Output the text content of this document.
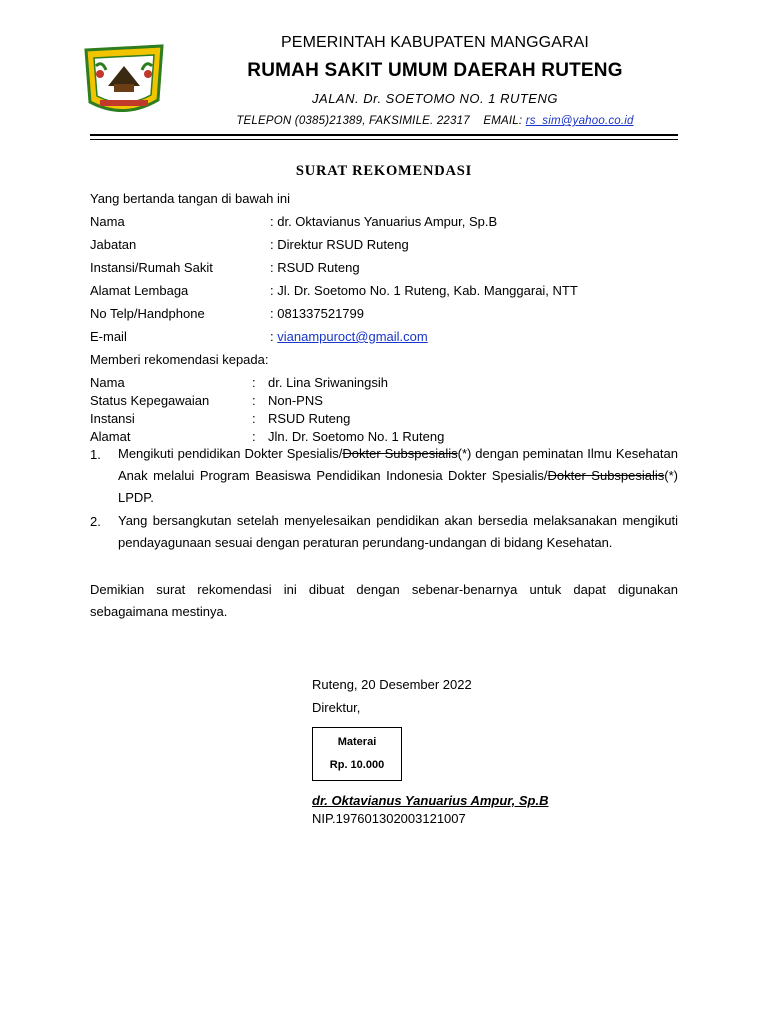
PEMERINTAH KABUPATEN MANGGARAI
RUMAH SAKIT UMUM DAERAH RUTENG
JALAN. Dr. SOETOMO NO. 1 RUTENG
TELEPON (0385)21389, FAKSIMILE. 22317    EMAIL: rs_sim@yahoo.co.id
SURAT REKOMENDASI
Yang bertanda tangan di bawah ini
Nama	: dr. Oktavianus Yanuarius Ampur, Sp.B
Jabatan	: Direktur RSUD Ruteng
Instansi/Rumah Sakit	: RSUD Ruteng
Alamat Lembaga	: Jl. Dr. Soetomo No. 1 Ruteng, Kab. Manggarai, NTT
No Telp/Handphone	: 081337521799
E-mail	: vianampuroct@gmail.com
Memberi rekomendasi kepada:
Nama	: dr. Lina Sriwaningsih
Status Kepegawaian	: Non-PNS
Instansi	: RSUD Ruteng
Alamat	: Jln. Dr. Soetomo No. 1 Ruteng
1. Mengikuti pendidikan Dokter Spesialis/Dokter Subspesialis(*) dengan peminatan Ilmu Kesehatan Anak melalui Program Beasiswa Pendidikan Indonesia Dokter Spesialis/Dokter Subspesialis(*) LPDP.
2. Yang bersangkutan setelah menyelesaikan pendidikan akan bersedia melaksanakan mengikuti pendayagunaan sesuai dengan peraturan perundang-undangan di bidang Kesehatan.
Demikian surat rekomendasi ini dibuat dengan sebenar-benarnya untuk dapat digunakan sebagaimana mestinya.
Ruteng, 20 Desember 2022
Direktur,
Materai
Rp. 10.000
dr. Oktavianus Yanuarius Ampur, Sp.B
NIP.197601302003121007
